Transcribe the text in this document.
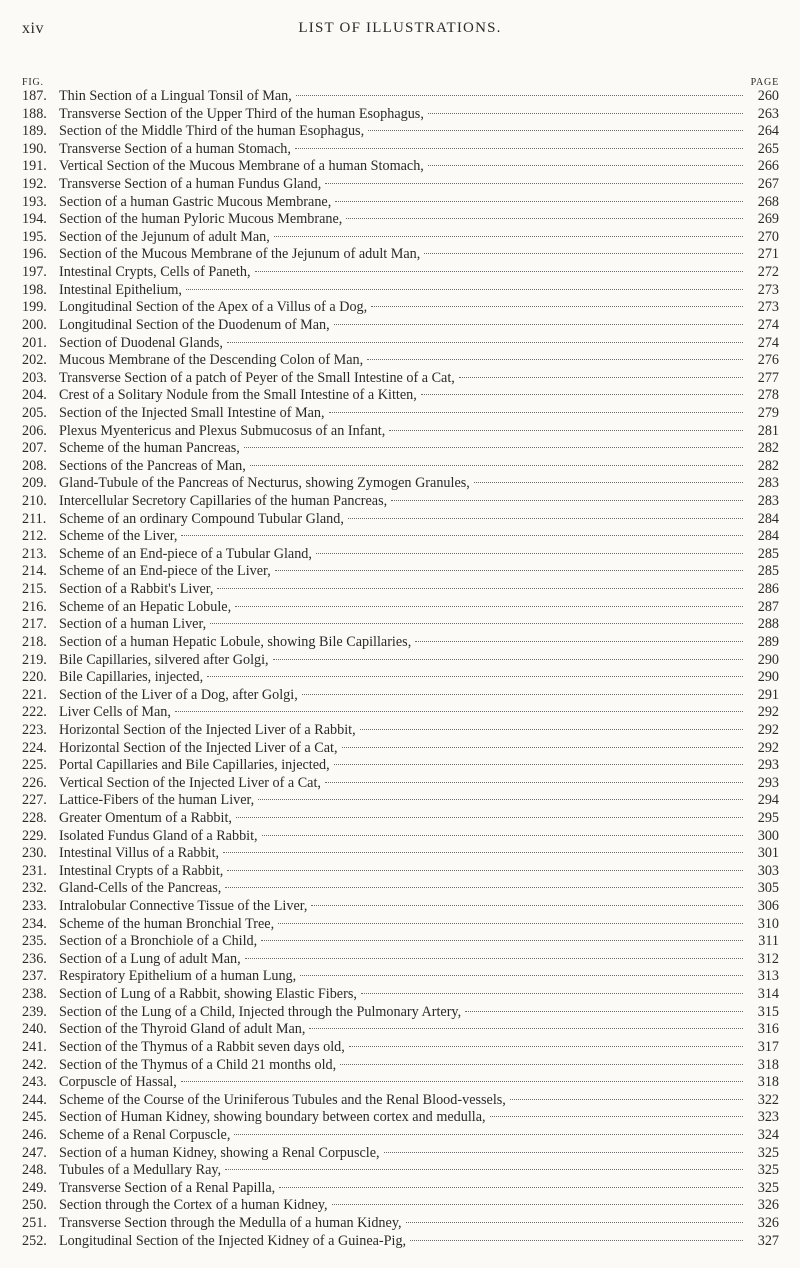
xiv	LIST OF ILLUSTRATIONS.
FIG.	PAGE
187. Thin Section of a Lingual Tonsil of Man,	260
188. Transverse Section of the Upper Third of the human Esophagus,	263
189. Section of the Middle Third of the human Esophagus,	264
190. Transverse Section of a human Stomach,	265
191. Vertical Section of the Mucous Membrane of a human Stomach,	266
192. Transverse Section of a human Fundus Gland,	267
193. Section of a human Gastric Mucous Membrane,	268
194. Section of the human Pyloric Mucous Membrane,	269
195. Section of the Jejunum of adult Man,	270
196. Section of the Mucous Membrane of the Jejunum of adult Man,	271
197. Intestinal Crypts, Cells of Paneth,	272
198. Intestinal Epithelium,	273
199. Longitudinal Section of the Apex of a Villus of a Dog,	273
200. Longitudinal Section of the Duodenum of Man,	274
201. Section of Duodenal Glands,	274
202. Mucous Membrane of the Descending Colon of Man,	276
203. Transverse Section of a patch of Peyer of the Small Intestine of a Cat,	277
204. Crest of a Solitary Nodule from the Small Intestine of a Kitten,	278
205. Section of the Injected Small Intestine of Man,	279
206. Plexus Myentericus and Plexus Submucosus of an Infant,	281
207. Scheme of the human Pancreas,	282
208. Sections of the Pancreas of Man,	282
209. Gland-Tubule of the Pancreas of Necturus, showing Zymogen Granules,	283
210. Intercellular Secretory Capillaries of the human Pancreas,	283
211. Scheme of an ordinary Compound Tubular Gland,	284
212. Scheme of the Liver,	284
213. Scheme of an End-piece of a Tubular Gland,	285
214. Scheme of an End-piece of the Liver,	285
215. Section of a Rabbit's Liver,	286
216. Scheme of an Hepatic Lobule,	287
217. Section of a human Liver,	288
218. Section of a human Hepatic Lobule, showing Bile Capillaries,	289
219. Bile Capillaries, silvered after Golgi,	290
220. Bile Capillaries, injected,	290
221. Section of the Liver of a Dog, after Golgi,	291
222. Liver Cells of Man,	292
223. Horizontal Section of the Injected Liver of a Rabbit,	292
224. Horizontal Section of the Injected Liver of a Cat,	292
225. Portal Capillaries and Bile Capillaries, injected,	293
226. Vertical Section of the Injected Liver of a Cat,	293
227. Lattice-Fibers of the human Liver,	294
228. Greater Omentum of a Rabbit,	295
229. Isolated Fundus Gland of a Rabbit,	300
230. Intestinal Villus of a Rabbit,	301
231. Intestinal Crypts of a Rabbit,	303
232. Gland-Cells of the Pancreas,	305
233. Intralobular Connective Tissue of the Liver,	306
234. Scheme of the human Bronchial Tree,	310
235. Section of a Bronchiole of a Child,	311
236. Section of a Lung of adult Man,	312
237. Respiratory Epithelium of a human Lung,	313
238. Section of Lung of a Rabbit, showing Elastic Fibers,	314
239. Section of the Lung of a Child, Injected through the Pulmonary Artery,	315
240. Section of the Thyroid Gland of adult Man,	316
241. Section of the Thymus of a Rabbit seven days old,	317
242. Section of the Thymus of a Child 21 months old,	318
243. Corpuscle of Hassal,	318
244. Scheme of the Course of the Uriniferous Tubules and the Renal Blood-vessels,	322
245. Section of Human Kidney, showing boundary between cortex and medulla,	323
246. Scheme of a Renal Corpuscle,	324
247. Section of a human Kidney, showing a Renal Corpuscle,	325
248. Tubules of a Medullary Ray,	325
249. Transverse Section of a Renal Papilla,	325
250. Section through the Cortex of a human Kidney,	326
251. Transverse Section through the Medulla of a human Kidney,	326
252. Longitudinal Section of the Injected Kidney of a Guinea-Pig,	327
